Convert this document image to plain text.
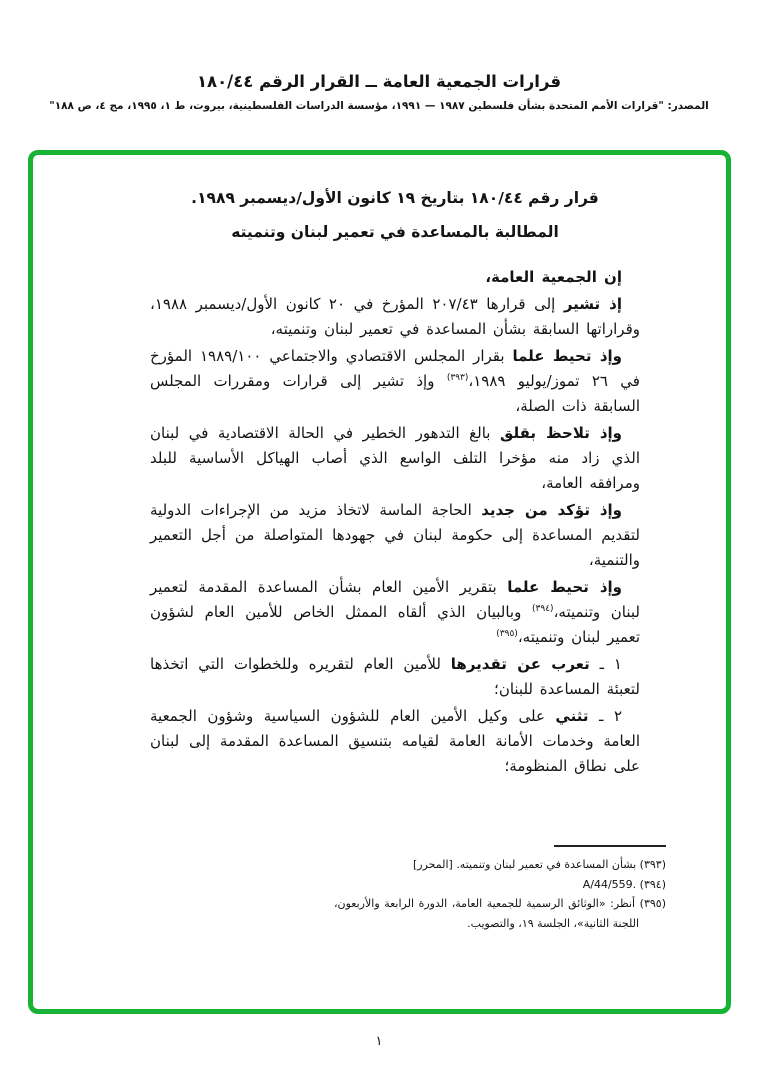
قرارات الجمعية العامة ــ القرار الرقم ١٨٠/٤٤
المصدر: "قرارات الأمم المتحدة بشأن فلسطين ١٩٨٧ — ١٩٩١، مؤسسة الدراسات الفلسطينية، بيروت، ط ١، ١٩٩٥، مج ٤، ص ١٨٨"
قرار رقم ١٨٠/٤٤ بتاريخ ١٩ كانون الأول/ديسمبر ١٩٨٩.
المطالبة بالمساعدة في تعمير لبنان وتنميته

إن الجمعية العامة،

إذ تشير إلى قرارها ٢٠٧/٤٣ المؤرخ في ٢٠ كانون الأول/ديسمبر ١٩٨٨، وقراراتها السابقة بشأن المساعدة في تعمير لبنان وتنميته،

وإذ تحيط علما بقرار المجلس الاقتصادي والاجتماعي ١٩٨٩/١٠٠ المؤرخ في ٢٦ تموز/يوليو ١٩٨٩،$^{(٣٩٣)}$ وإذ تشير إلى قرارات ومقررات المجلس السابقة ذات الصلة،

وإذ تلاحظ بقلق بالغ التدهور الخطير في الحالة الاقتصادية في لبنان الذي زاد منه مؤخرا التلف الواسع الذي أصاب الهياكل الأساسية للبلد ومرافقه العامة،

وإذ تؤكد من جديد الحاجة الماسة لاتخاذ مزيد من الإجراءات الدولية لتقديم المساعدة إلى حكومة لبنان في جهودها المتواصلة من أجل التعمير والتنمية،

وإذ تحيط علما بتقرير الأمين العام بشأن المساعدة المقدمة لتعمير لبنان وتنميته،$^{(٣٩٤)}$ وبالبيان الذي ألقاه الممثل الخاص للأمين العام لشؤون تعمير لبنان وتنميته،$^{(٣٩٥)}$

١ ـ تعرب عن تقديرها للأمين العام لتقريره وللخطوات التي اتخذها لتعبئة المساعدة للبنان؛

٢ ـ تثني على وكيل الأمين العام للشؤون السياسية وشؤون الجمعية العامة وخدمات الأمانة العامة لقيامه بتنسيق المساعدة المقدمة إلى لبنان على نطاق المنظومة؛

(٣٩٣) بشأن المساعدة في تعمير لبنان وتنميته. [المحرر]
(٣٩٤) A/44/559.‎
(٣٩٥) أنظر: «الوثائق الرسمية للجمعية العامة، الدورة الرابعة والأربعون، اللجنة الثانية»، الجلسة ١٩، والتصويب.
١
